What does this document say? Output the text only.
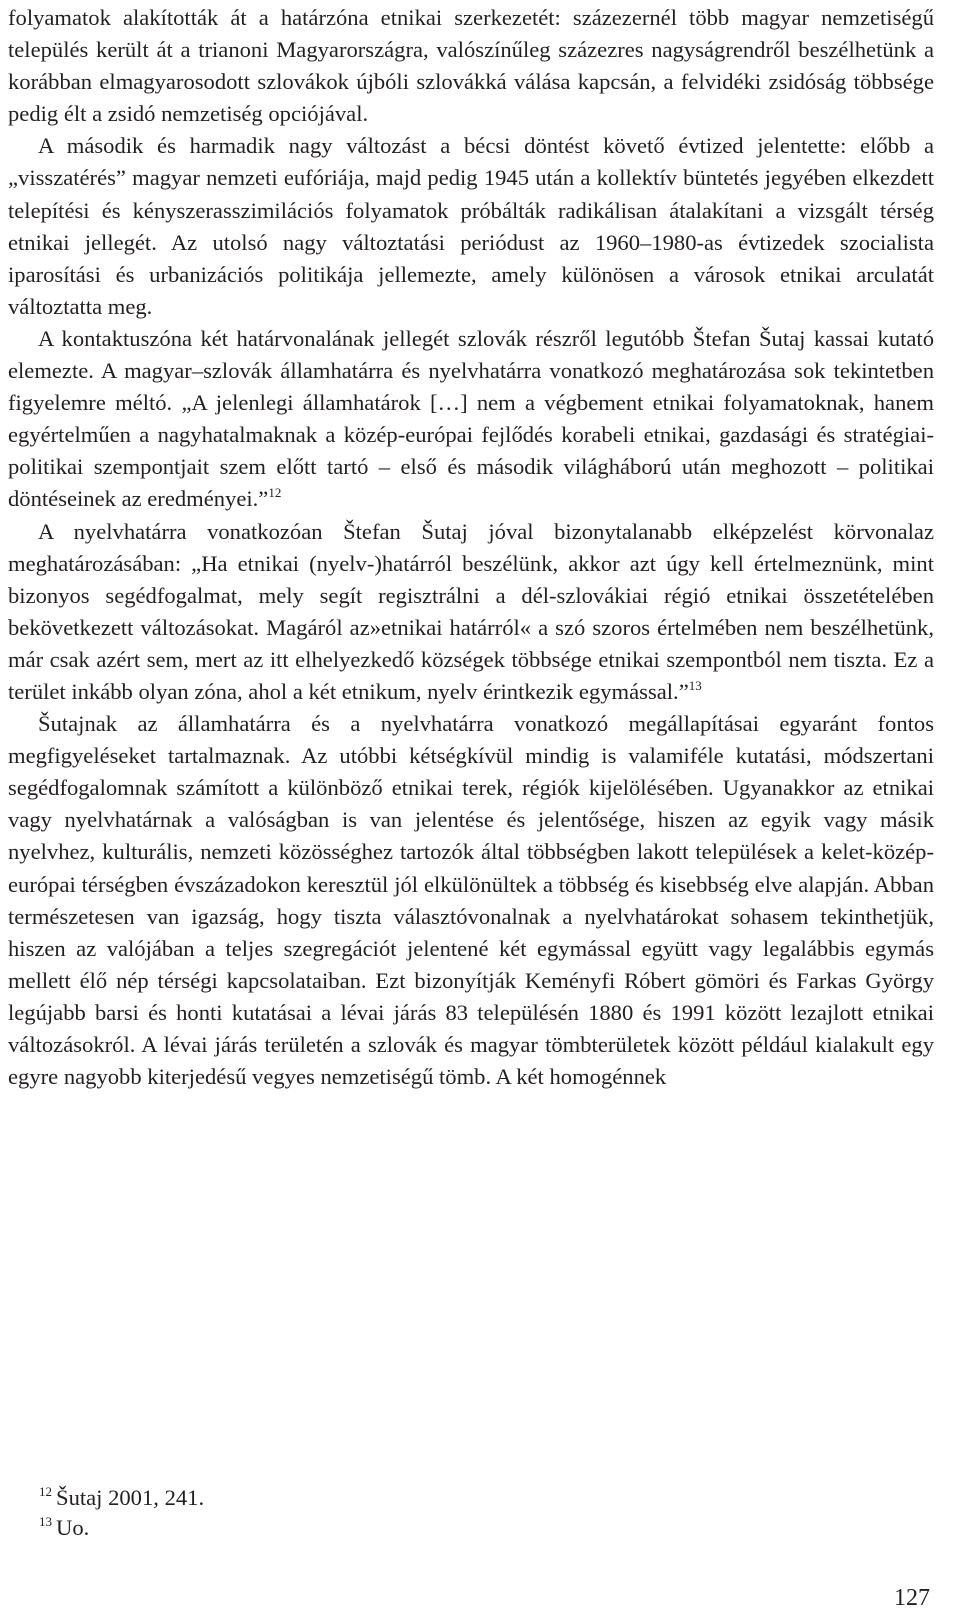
folyamatok alakították át a határzóna etnikai szerkezetét: százezernél több magyar nemzetiségű település került át a trianoni Magyarországra, valószínűleg százezres nagyságrendről beszélhetünk a korábban elmagyarosodott szlovákok újbóli szlovákká válása kapcsán, a felvidéki zsidóság többsége pedig élt a zsidó nemzetiség opciójával.

A második és harmadik nagy változást a bécsi döntést követő évtized jelentette: előbb a „visszatérés” magyar nemzeti eufóriája, majd pedig 1945 után a kollektív büntetés jegyében elkezdett telepítési és kényszerasszimilációs folyamatok próbálták radikálisan átalakítani a vizsgált térség etnikai jellegét. Az utolsó nagy változtatási periódust az 1960–1980-as évtizedek szocialista iparosítási és urbanizációs politikája jellemezte, amely különösen a városok etnikai arculatát változtatta meg.

A kontaktuszóna két határvonalának jellegét szlovák részről legutóbb Štefan Šutaj kassai kutató elemezte. A magyar–szlovák államhatárra és nyelvhatárra vonatkozó meghatározása sok tekintetben figyelemre méltó. „A jelenlegi államhatárok […] nem a végbement etnikai folyamatoknak, hanem egyértelműen a nagyhatalmaknak a közép-európai fejlődés korabeli etnikai, gazdasági és stratégiai-politikai szempontjait szem előtt tartó – első és második világháború után meghozott – politikai döntéseinek az eredményei.”$^{12}$

A nyelvhatárra vonatkozóan Štefan Šutaj jóval bizonytalanabb elképzelést körvonalaz meghatározásában: „Ha etnikai (nyelv-)határról beszélünk, akkor azt úgy kell értelmeznünk, mint bizonyos segédfogalmat, mely segít regisztrálni a dél-szlovákiai régió etnikai összetételében bekövetkezett változásokat. Magáról az»etnikai határról« a szó szoros értelmében nem beszélhetünk, már csak azért sem, mert az itt elhelyezkedő községek többsége etnikai szempontból nem tiszta. Ez a terület inkább olyan zóna, ahol a két etnikum, nyelv érintkezik egymással.”$^{13}$

Šutajnak az államhatárra és a nyelvhatárra vonatkozó megállapításai egyaránt fontos megfigyeléseket tartalmaznak. Az utóbbi kétségkívül mindig is valamiféle kutatási, módszertani segédfogalomnak számított a különböző etnikai terek, régiók kijelölésében. Ugyanakkor az etnikai vagy nyelvhatárnak a valóságban is van jelentése és jelentősége, hiszen az egyik vagy másik nyelvhez, kulturális, nemzeti közösséghez tartozók által többségben lakott települések a kelet-közép-európai térségben évszázadokon keresztül jól elkülönültek a többség és kisebbség elve alapján. Abban természetesen van igazság, hogy tiszta választóvonalnak a nyelvhatárokat sohasem tekinthetjük, hiszen az valójában a teljes szegregációt jelentené két egymással együtt vagy legalábbis egymás mellett élő nép térségi kapcsolataiban. Ezt bizonyítják Keményfi Róbert gömöri és Farkas György legújabb barsi és honti kutatásai a lévai járás 83 településén 1880 és 1991 között lezajlott etnikai változásokról. A lévai járás területén a szlovák és magyar tömbterületek között például kialakult egy egyre nagyobb kiterjedésű vegyes nemzetiségű tömb. A két homogénnek

$^{12}$ Šutaj 2001, 241.
$^{13}$ Uo.
127
